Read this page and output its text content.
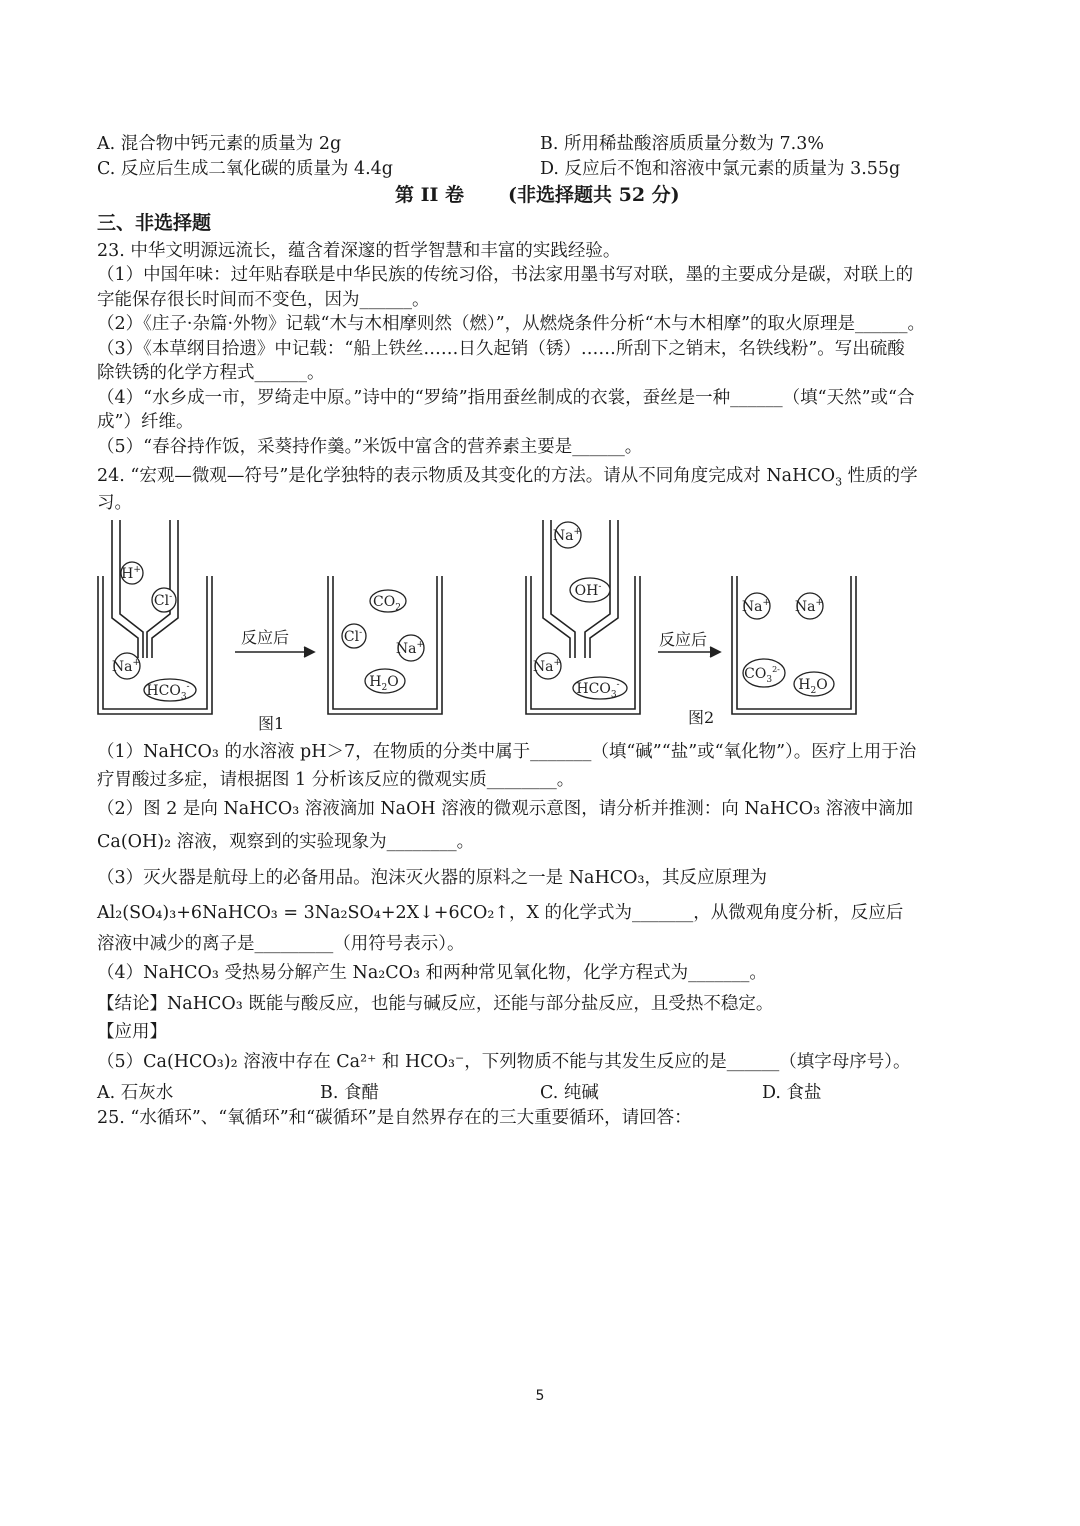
A. 混合物中钙元素的质量为 2g	B. 所用稀盐酸溶质质量分数为 7.3%
C. 反应后生成二氧化碳的质量为 4.4g	D. 反应后不饱和溶液中氯元素的质量为 3.55g
第 II 卷 (非选择题共 52 分)
三、非选择题
23. 中华文明源远流长，蕴含着深邃的哲学智慧和丰富的实践经验。
（1）中国年味：过年贴春联是中华民族的传统习俗，书法家用墨书写对联，墨的主要成分是碳，对联上的
字能保存很长时间而不变色，因为______。
（2）《庄子·杂篇·外物》记载“木与木相摩则然（燃）”，从燃烧条件分析“木与木相摩”的取火原理是______。
（3）《本草纲目拾遗》中记载：“船上铁丝……日久起销（锈）……所刮下之销末，名铁线粉”。写出硫酸
除铁锈的化学方程式______。
（4）“水乡成一市，罗绮走中原。”诗中的“罗绮”指用蚕丝制成的衣裳，蚕丝是一种______（填“天然”或“合
成”）纤维。
（5）“春谷持作饭，采葵持作羹。”米饭中富含的营养素主要是______。
24. “宏观—微观—符号”是化学独特的表示物质及其变化的方法。请从不同角度完成对 NaHCO$_3$ 性质的学
习。
H+
Cl-
Na+
$HCO_3^-$
$CO_2$
Cl-
Na+
$H_2O$
反应后
图1
Na+
OH-
Na+
$HCO_3^-$
Na+ Na+
$CO_3^{2-}$
$H_2O$
反应后
图2
（1）NaHCO₃ 的水溶液 pH＞7，在物质的分类中属于_______（填“碱”“盐”或“氧化物”）。医疗上用于治
疗胃酸过多症，请根据图 1 分析该反应的微观实质________。
（2）图 2 是向 NaHCO₃ 溶液滴加 NaOH 溶液的微观示意图，请分析并推测：向 NaHCO₃ 溶液中滴加
Ca(OH)₂ 溶液，观察到的实验现象为________。
（3）灭火器是航母上的必备用品。泡沫灭火器的原料之一是 NaHCO₃，其反应原理为
Al₂(SO₄)₃+6NaHCO₃ = 3Na₂SO₄+2X↓+6CO₂↑，X 的化学式为_______，从微观角度分析，反应后
溶液中减少的离子是_________（用符号表示）。
（4）NaHCO₃ 受热易分解产生 Na₂CO₃ 和两种常见氧化物，化学方程式为_______。
【结论】NaHCO₃ 既能与酸反应，也能与碱反应，还能与部分盐反应，且受热不稳定。
【应用】
（5）Ca(HCO₃)₂ 溶液中存在 Ca²⁺ 和 HCO₃⁻，下列物质不能与其发生反应的是______（填字母序号）。
A. 石灰水	B. 食醋	C. 纯碱	D. 食盐
25. “水循环”、“氧循环”和“碳循环”是自然界存在的三大重要循环，请回答：
5
